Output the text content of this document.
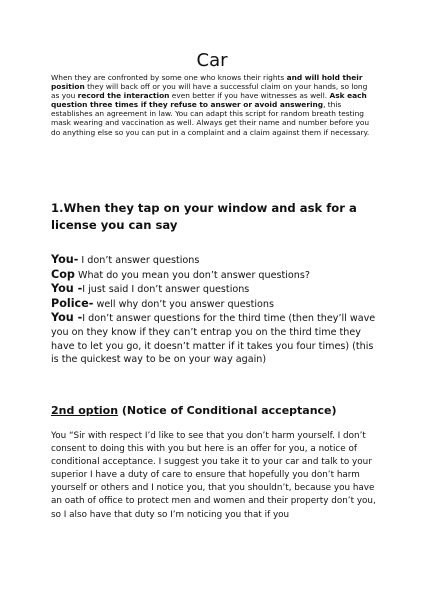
Car

When they are confronted by some one who knows their rights and will hold their position they will back off or you will have a successful claim on your hands, so long as you record the interaction even better if you have witnesses as well. Ask each question three times if they refuse to answer or avoid answering, this establishes an agreement in law. You can adapt this script for random breath testing mask wearing and vaccination as well. Always get their name and number before you do anything else so you can put in a complaint and a claim against them if necessary.

1.When they tap on your window and ask for a license you can say
You- I don’t answer questions
Cop What do you mean you don’t answer questions?
You -I just said I don’t answer questions
Police- well why don’t you answer questions
You -I don’t answer questions for the third time (then they’ll wave you on they know if they can’t entrap you on the third time they have to let you go, it doesn’t matter if it takes you four times) (this is the quickest way to be on your way again)
2nd option (Notice of Conditional acceptance)

You “Sir with respect I’d like to see that you don’t harm yourself. I don’t consent to doing this with you but here is an offer for you, a notice of conditional acceptance. I suggest you take it to your car and talk to your superior I have a duty of care to ensure that hopefully you don’t harm yourself or others and I notice you, that you shouldn’t, because you have an oath of office to protect men and women and their property don’t you, so I also have that duty so I’m noticing you that if you
